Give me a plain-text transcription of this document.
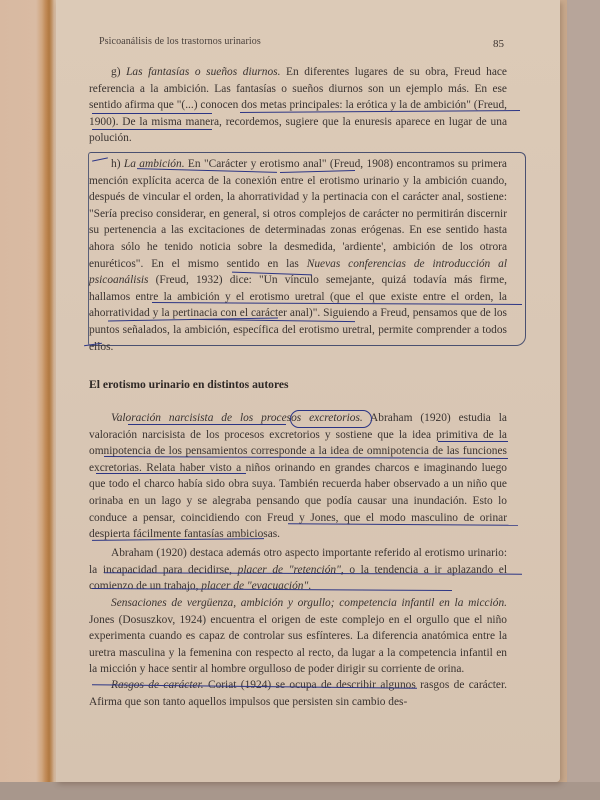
Psicoanálisis de los trastornos urinarios	85

g) Las fantasías o sueños diurnos. En diferentes lugares de su obra, Freud hace referencia a la ambición. Las fantasías o sueños diurnos son un ejemplo más. En ese sentido afirma que "(...) conocen dos metas principales: la erótica y la de ambición" (Freud, 1900). De la misma manera, recordemos, sugiere que la enuresis aparece en lugar de una polución.

h) La ambición. En "Carácter y erotismo anal" (Freud, 1908) encontramos su primera mención explícita acerca de la conexión entre el erotismo urinario y la ambición cuando, después de vincular el orden, la ahorratividad y la pertinacia con el carácter anal, sostiene: "Sería preciso considerar, en general, si otros complejos de carácter no permitirán discernir su pertenencia a las excitaciones de determinadas zonas erógenas. En ese sentido hasta ahora sólo he tenido noticia sobre la desmedida, 'ardiente', ambición de los otrora enuréticos". En el mismo sentido en las Nuevas conferencias de introducción al psicoanálisis (Freud, 1932) dice: "Un vínculo semejante, quizá todavía más firme, hallamos entre la ambición y el erotismo uretral (que el que existe entre el orden, la ahorratividad y la pertinacia con el carácter anal)". Siguiendo a Freud, pensamos que de los puntos señalados, la ambición, específica del erotismo uretral, permite comprender a todos ellos.

El erotismo urinario en distintos autores

Valoración narcisista de los procesos excretorios. Abraham (1920) estudia la valoración narcisista de los procesos excretorios y sostiene que la idea primitiva de la omnipotencia de los pensamientos corresponde a la idea de omnipotencia de las funciones excretorias. Relata haber visto a niños orinando en grandes charcos e imaginando luego que todo el charco había sido obra suya. También recuerda haber observado a un niño que orinaba en un lago y se alegraba pensando que podía causar una inundación. Esto lo conduce a pensar, coincidiendo con Freud y Jones, que el modo masculino de orinar despierta fácilmente fantasías ambiciosas.

Abraham (1920) destaca además otro aspecto importante referido al erotismo urinario: la incapacidad para decidirse, placer de "retención", o la tendencia a ir aplazando el comienzo de un trabajo, placer de "evacuación".

Sensaciones de vergüenza, ambición y orgullo; competencia infantil en la micción. Jones (Dosuszkov, 1924) encuentra el origen de este complejo en el orgullo que el niño experimenta cuando es capaz de controlar sus esfínteres. La diferencia anatómica entre la uretra masculina y la femenina con respecto al recto, da lugar a la competencia infantil en la micción y hace sentir al hombre orgulloso de poder dirigir su corriente de orina.

Rasgos de carácter. Coriat (1924) se ocupa de describir algunos rasgos de carácter. Afirma que son tanto aquellos impulsos que persisten sin cambio des-
